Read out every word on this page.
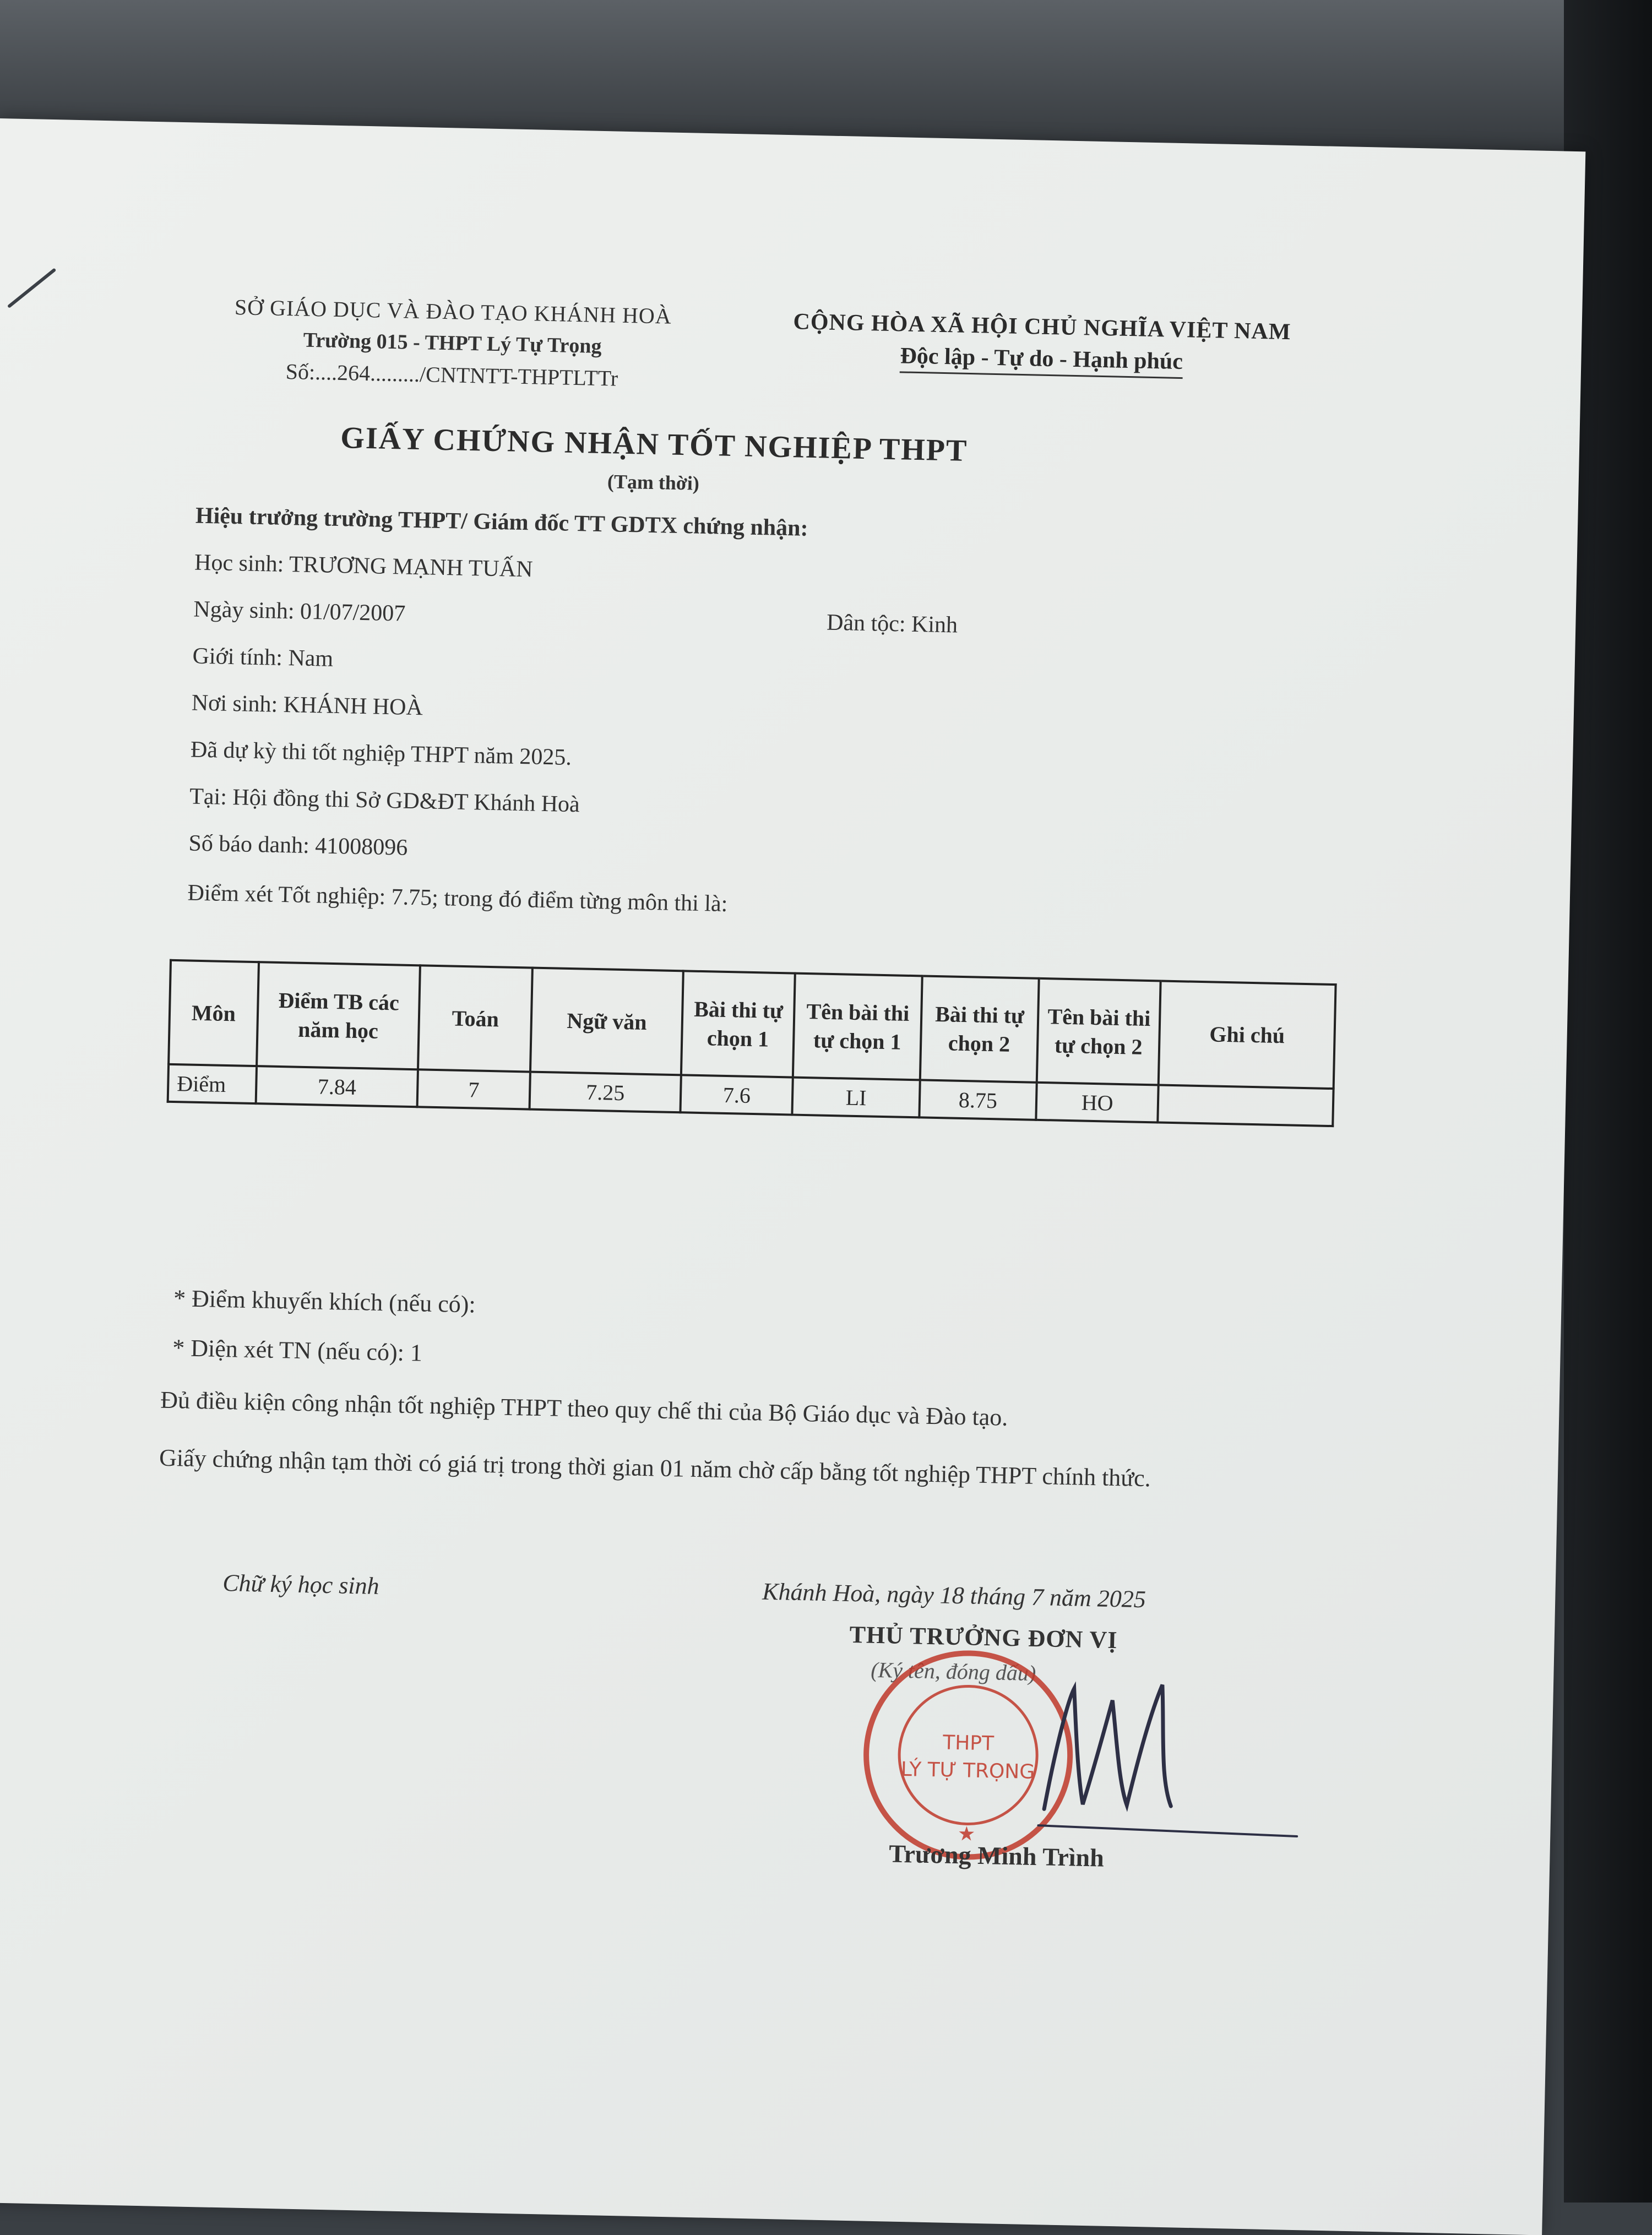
SỞ GIÁO DỤC VÀ ĐÀO TẠO KHÁNH HOÀ
Trường 015 - THPT Lý Tự Trọng
Số:....264........./CNTNTT-THPTLTTr
CỘNG HÒA XÃ HỘI CHỦ NGHĨA VIỆT NAM
Độc lập - Tự do - Hạnh phúc
GIẤY CHỨNG NHẬN TỐT NGHIỆP THPT
(Tạm thời)
Hiệu trưởng trường THPT/ Giám đốc TT GDTX chứng nhận:
Học sinh: TRƯƠNG MẠNH TUẤN
Ngày sinh: 01/07/2007	Dân tộc: Kinh
Giới tính: Nam
Nơi sinh: KHÁNH HOÀ
Đã dự kỳ thi tốt nghiệp THPT năm 2025.
Tại: Hội đồng thi Sở GD&ĐT Khánh Hoà
Số báo danh: 41008096
Điểm xét Tốt nghiệp: 7.75; trong đó điểm từng môn thi là:
Môn	Điểm TB các năm học	Toán	Ngữ văn	Bài thi tự chọn 1	Tên bài thi tự chọn 1	Bài thi tự chọn 2	Tên bài thi tự chọn 2	Ghi chú
Điểm	7.84	7	7.25	7.6	LI	8.75	HO	
* Điểm khuyến khích (nếu có):
* Diện xét TN (nếu có): 1
Đủ điều kiện công nhận tốt nghiệp THPT theo quy chế thi của Bộ Giáo dục và Đào tạo.
Giấy chứng nhận tạm thời có giá trị trong thời gian 01 năm chờ cấp bằng tốt nghiệp THPT chính thức.
Chữ ký học sinh	Khánh Hoà, ngày 18 tháng 7 năm 2025
THỦ TRƯỞNG ĐƠN VỊ
(Ký tên, đóng dấu)
THPT
LÝ TỰ TRỌNG
★
Trương Minh Trình
